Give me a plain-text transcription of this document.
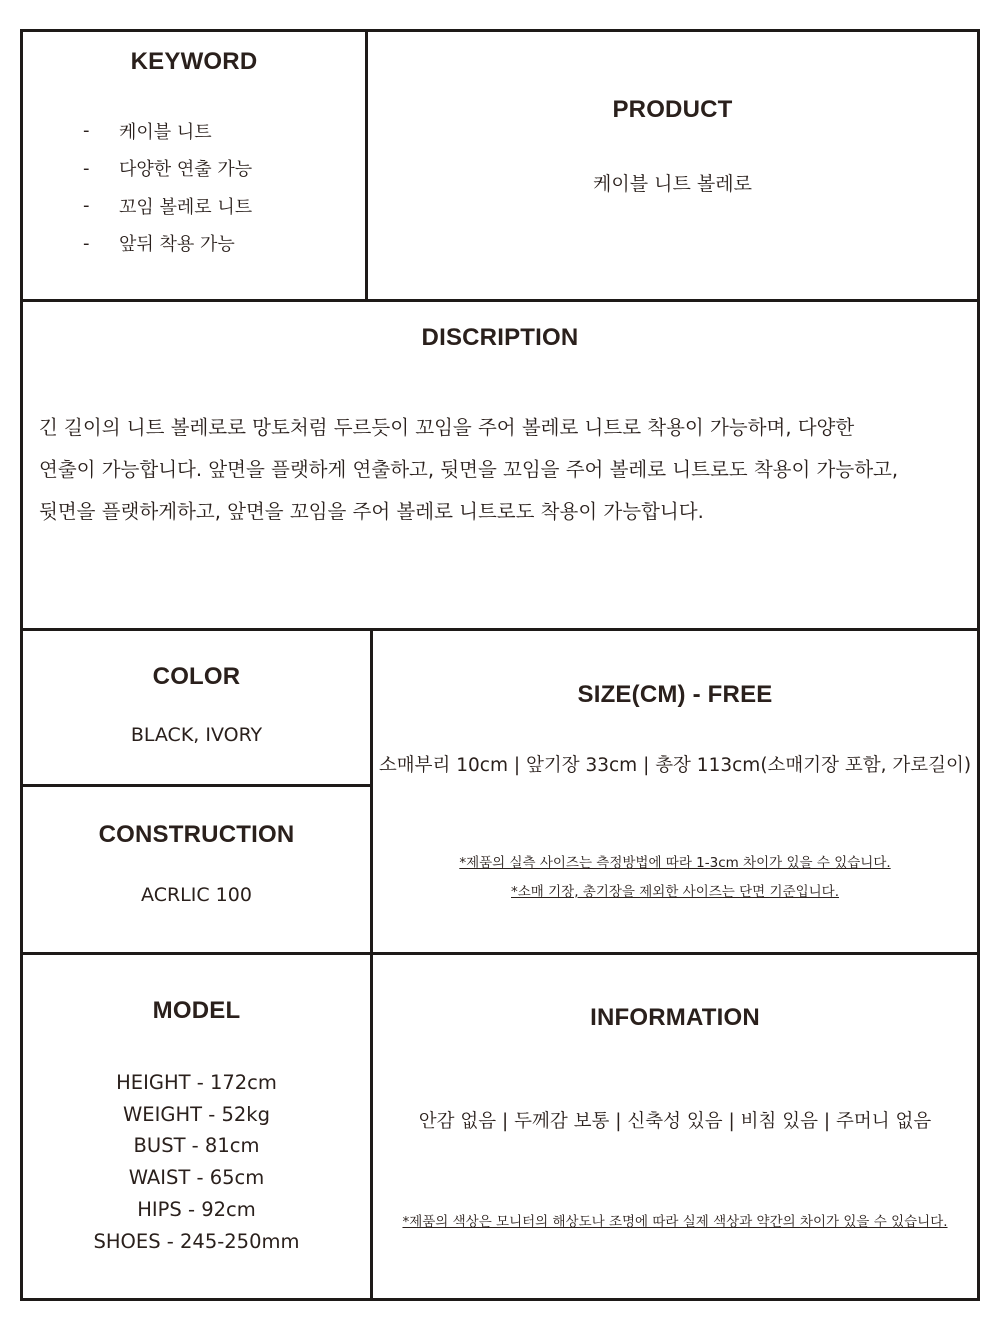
KEYWORD
-	케이블 니트
-	다양한 연출 가능
-	꼬임 볼레로 니트
-	앞뒤 착용 가능
PRODUCT
케이블 니트 볼레로
DISCRIPTION
긴 길이의 니트 볼레로로 망토처럼 두르듯이 꼬임을 주어 볼레로 니트로 착용이 가능하며, 다양한
연출이 가능합니다. 앞면을 플랫하게 연출하고, 뒷면을 꼬임을 주어 볼레로 니트로도 착용이 가능하고,
뒷면을 플랫하게하고, 앞면을 꼬임을 주어 볼레로 니트로도 착용이 가능합니다.
COLOR
BLACK, IVORY
CONSTRUCTION
ACRLIC 100
SIZE(CM) - FREE
소매부리 10cm | 앞기장 33cm | 총장 113cm(소매기장 포함, 가로길이)
*제품의 실측 사이즈는 측정방법에 따라 1-3cm 차이가 있을 수 있습니다.
*소매 기장, 총기장을 제외한 사이즈는 단면 기준입니다.
MODEL
HEIGHT - 172cm
WEIGHT - 52kg
BUST - 81cm
WAIST - 65cm
HIPS - 92cm
SHOES - 245-250mm
INFORMATION
안감 없음 | 두께감 보통 | 신축성 있음 | 비침 있음 | 주머니 없음
*제품의 색상은 모니터의 해상도나 조명에 따라 실제 색상과 약간의 차이가 있을 수 있습니다.
